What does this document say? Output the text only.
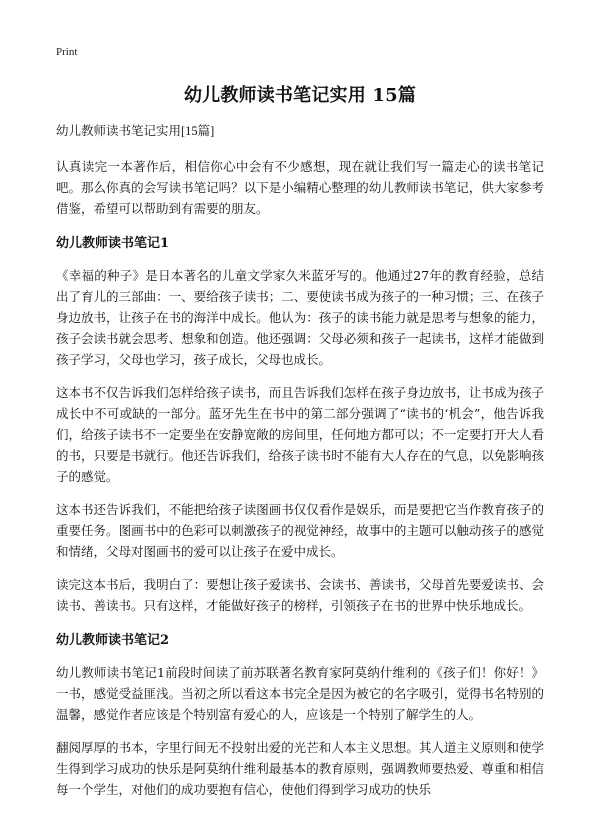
Print

幼儿教师读书笔记实用 15篇

幼儿教师读书笔记实用[15篇]

认真读完一本著作后，相信你心中会有不少感想，现在就让我们写一篇走心的读书笔记吧。那么你真的会写读书笔记吗？以下是小编精心整理的幼儿教师读书笔记，供大家参考借鉴，希望可以帮助到有需要的朋友。

幼儿教师读书笔记1

《幸福的种子》是日本著名的儿童文学家久米蓝牙写的。他通过27年的教育经验，总结出了育儿的三部曲：一、要给孩子读书；二、要使读书成为孩子的一种习惯；三、在孩子身边放书，让孩子在书的海洋中成长。他认为：孩子的读书能力就是思考与想象的能力，孩子会读书就会思考、想象和创造。他还强调：父母必须和孩子一起读书，这样才能做到孩子学习，父母也学习，孩子成长，父母也成长。

这本书不仅告诉我们怎样给孩子读书，而且告诉我们怎样在孩子身边放书，让书成为孩子成长中不可或缺的一部分。蓝牙先生在书中的第二部分强调了“读书的‘机会”，他告诉我们，给孩子读书不一定要坐在安静宽敞的房间里，任何地方都可以；不一定要打开大人看的书，只要是书就行。他还告诉我们，给孩子读书时不能有大人存在的气息，以免影响孩子的感觉。

这本书还告诉我们，不能把给孩子读图画书仅仅看作是娱乐，而是要把它当作教育孩子的重要任务。图画书中的色彩可以刺激孩子的视觉神经，故事中的主题可以触动孩子的感觉和情绪，父母对图画书的爱可以让孩子在爱中成长。

读完这本书后，我明白了：要想让孩子爱读书、会读书、善读书，父母首先要爱读书、会读书、善读书。只有这样，才能做好孩子的榜样，引领孩子在书的世界中快乐地成长。

幼儿教师读书笔记2

幼儿教师读书笔记1前段时间读了前苏联著名教育家阿莫纳什维利的《孩子们！你好！》一书，感觉受益匪浅。当初之所以看这本书完全是因为被它的名字吸引，觉得书名特别的温馨，感觉作者应该是个特别富有爱心的人，应该是一个特别了解学生的人。

翻阅厚厚的书本，字里行间无不投射出爱的光芒和人本主义思想。其人道主义原则和使学生得到学习成功的快乐是阿莫纳什维利最基本的教育原则，强调教师要热爱、尊重和相信每一个学生，对他们的成功要抱有信心，使他们得到学习成功的快乐
